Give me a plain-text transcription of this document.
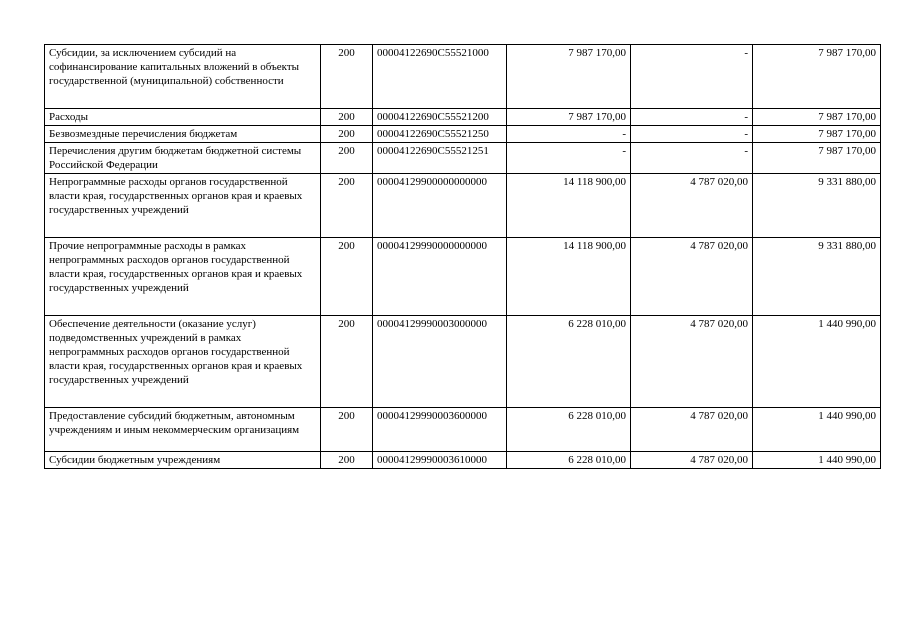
Субсидии, за исключением субсидий на софинансирование капитальных вложений в объекты государственной (муниципальной) собственности	200	00004122690C55521000	7 987 170,00	-	7 987 170,00
Расходы	200	00004122690C55521200	7 987 170,00	-	7 987 170,00
Безвозмездные перечисления бюджетам	200	00004122690C55521250	-	-	7 987 170,00
Перечисления другим бюджетам бюджетной системы Российской Федерации	200	00004122690C55521251	-	-	7 987 170,00
Непрограммные расходы органов государственной власти края, государственных органов края и краевых государственных учреждений	200	00004129900000000000	14 118 900,00	4 787 020,00	9 331 880,00
Прочие непрограммные расходы в рамках непрограммных расходов органов государственной власти края, государственных органов края и краевых государственных учреждений	200	00004129990000000000	14 118 900,00	4 787 020,00	9 331 880,00
Обеспечение деятельности (оказание услуг) подведомственных учреждений в рамках непрограммных расходов органов государственной власти края, государственных органов края и краевых государственных учреждений	200	00004129990003000000	6 228 010,00	4 787 020,00	1 440 990,00
Предоставление субсидий бюджетным, автономным учреждениям и иным некоммерческим организациям	200	00004129990003600000	6 228 010,00	4 787 020,00	1 440 990,00
Субсидии бюджетным учреждениям	200	00004129990003610000	6 228 010,00	4 787 020,00	1 440 990,00
